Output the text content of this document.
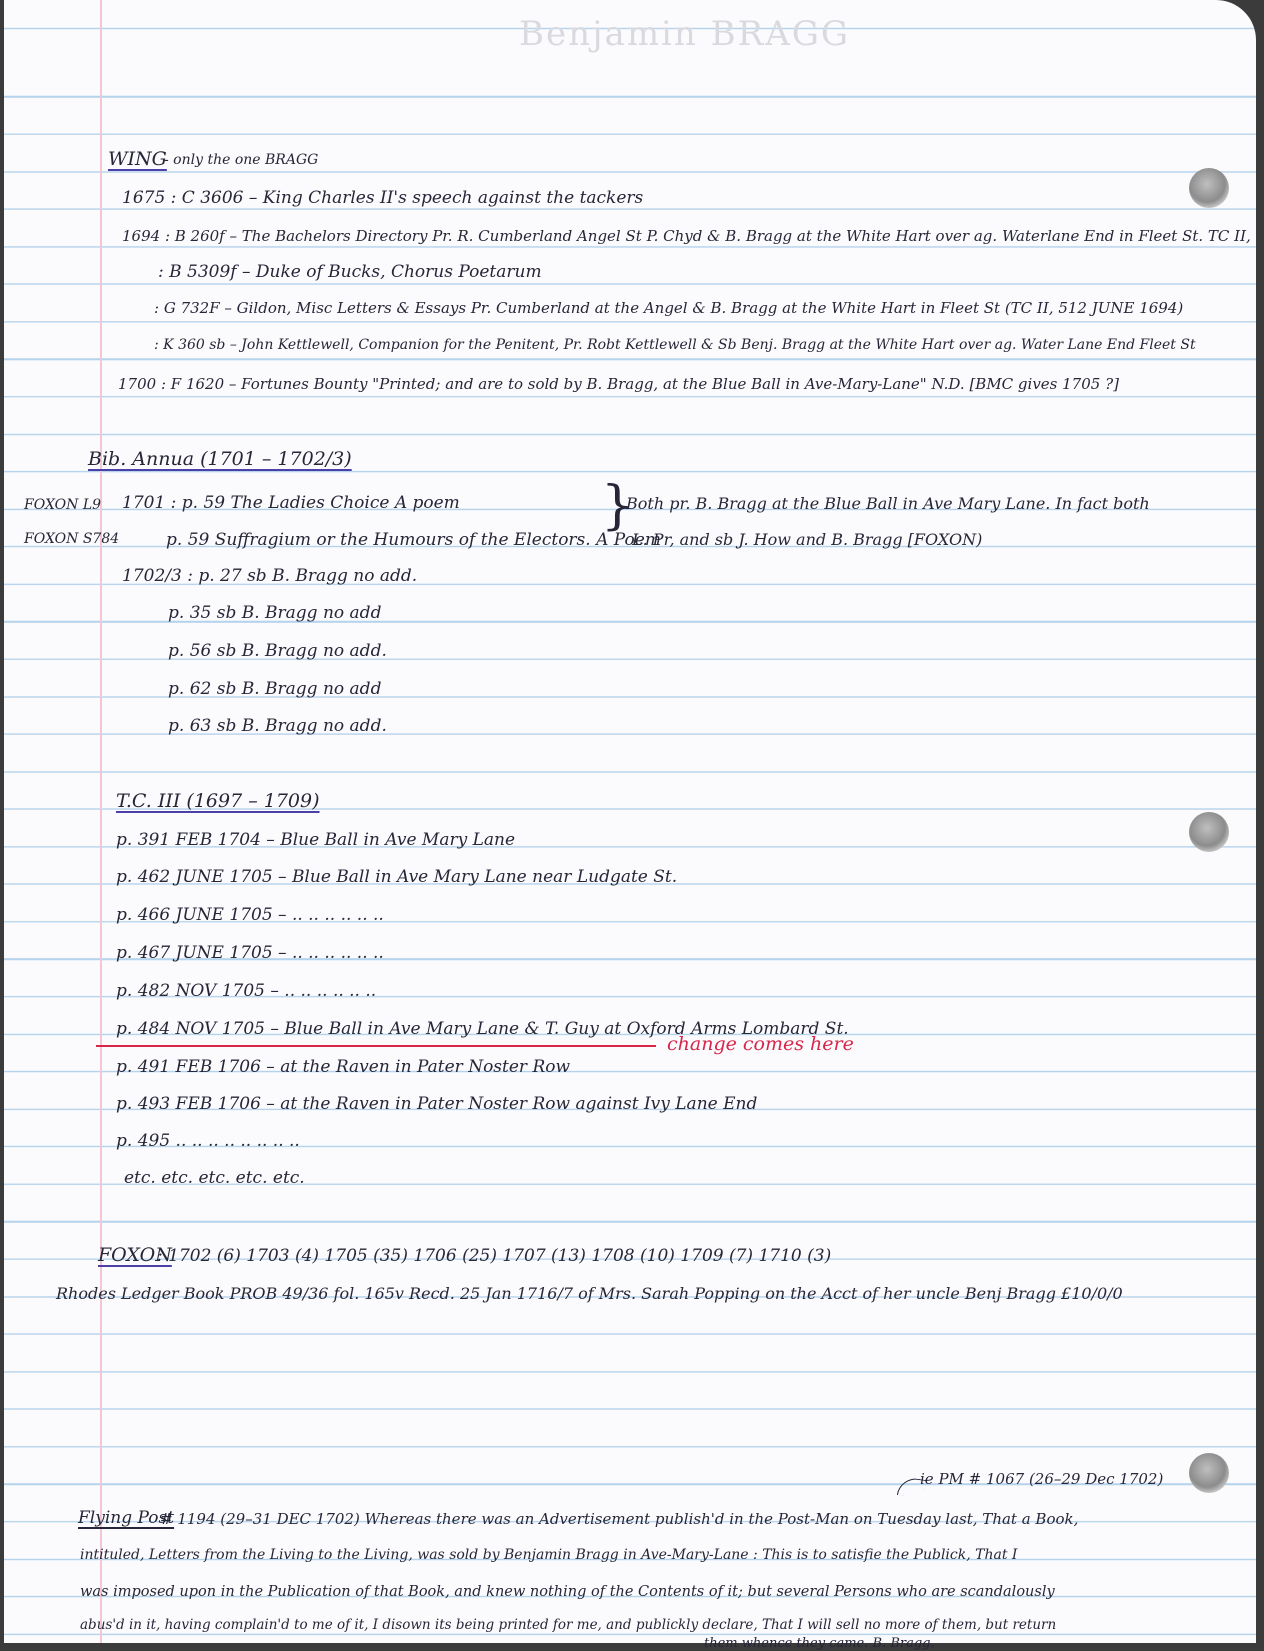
Benjamin BRAGG
WING
- only the one BRAGG
1675 : C 3606 – King Charles II's speech against the tackers
1694 : B 260f – The Bachelors Directory Pr. R. Cumberland Angel St P. Chyd & B. Bragg at the White Hart over ag. Waterlane End in Fleet St. TC II,
: B 5309f – Duke of Bucks, Chorus Poetarum
: G 732F – Gildon, Misc Letters & Essays Pr. Cumberland at the Angel & B. Bragg at the White Hart in Fleet St (TC II, 512 JUNE 1694)
: K 360 sb – John Kettlewell, Companion for the Penitent, Pr. Robt Kettlewell & Sb Benj. Bragg at the White Hart over ag. Water Lane End Fleet St
1700 : F 1620 – Fortunes Bounty "Printed; and are to sold by B. Bragg, at the Blue Ball in Ave-Mary-Lane" N.D. [BMC gives 1705 ?]
Bib. Annua (1701 – 1702/3)
FOXON L9
FOXON S784
1701 : p. 59 The Ladies Choice A poem
p. 59 Suffragium or the Humours of the Electors. A Poem
}
Both pr. B. Bragg at the Blue Ball in Ave Mary Lane. In fact both
L. Pr, and sb J. How and B. Bragg [FOXON)
1702/3 : p. 27 sb B. Bragg no add.
p. 35 sb B. Bragg no add
p. 56 sb B. Bragg no add.
p. 62 sb B. Bragg no add
p. 63 sb B. Bragg no add.
T.C. III (1697 – 1709)
p. 391 FEB 1704 – Blue Ball in Ave Mary Lane
p. 462 JUNE 1705 – Blue Ball in Ave Mary Lane near Ludgate St.
p. 466 JUNE 1705 – .. .. .. .. .. ..
p. 467 JUNE 1705 – .. .. .. .. .. ..
p. 482 NOV 1705 – .. .. .. .. .. ..
p. 484 NOV 1705 – Blue Ball in Ave Mary Lane & T. Guy at Oxford Arms Lombard St.
change comes here
p. 491 FEB 1706 – at the Raven in Pater Noster Row
p. 493 FEB 1706 – at the Raven in Pater Noster Row against Ivy Lane End
p. 495 .. .. .. .. .. .. .. ..
etc. etc. etc. etc. etc.
FOXON
: 1702 (6) 1703 (4) 1705 (35) 1706 (25) 1707 (13) 1708 (10) 1709 (7) 1710 (3)
Rhodes Ledger Book PROB 49/36 fol. 165v Recd. 25 Jan 1716/7 of Mrs. Sarah Popping on the Acct of her uncle Benj Bragg £10/0/0
ie PM # 1067 (26–29 Dec 1702)
Flying Post
# 1194 (29–31 DEC 1702) Whereas there was an Advertisement publish'd in the Post-Man on Tuesday last, That a Book,
intituled, Letters from the Living to the Living, was sold by Benjamin Bragg in Ave-Mary-Lane : This is to satisfie the Publick, That I
was imposed upon in the Publication of that Book, and knew nothing of the Contents of it; but several Persons who are scandalously
abus'd in it, having complain'd to me of it, I disown its being printed for me, and publickly declare, That I will sell no more of them, but return
them whence they came. B. Bragg.
